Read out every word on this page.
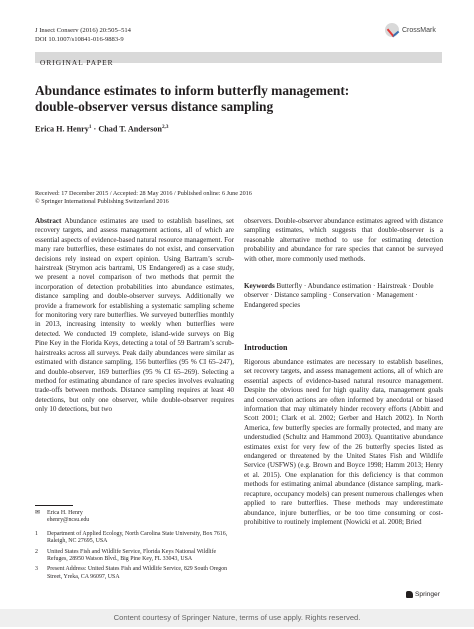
J Insect Conserv (2016) 20:505–514
DOI 10.1007/s10841-016-9883-9
CrossMark
ORIGINAL PAPER
Abundance estimates to inform butterfly management:
double-observer versus distance sampling
Erica H. Henry$^1$ · Chad T. Anderson$^{2,3}$
Received: 17 December 2015 / Accepted: 28 May 2016 / Published online: 6 June 2016
© Springer International Publishing Switzerland 2016

Abstract Abundance estimates are used to establish baselines, set recovery targets, and assess management actions, all of which are essential aspects of evidence-based natural resource management. For many rare butterflies, these estimates do not exist, and conservation decisions rely instead on expert opinion. Using Bartram’s scrub-hairstreak (Strymon acis bartrami, US Endangered) as a case study, we present a novel comparison of two methods that permit the incorporation of detection probabilities into abundance estimates, distance sampling and double-observer surveys. Additionally we provide a framework for establishing a systematic sampling scheme for monitoring very rare butterflies. We surveyed butterflies monthly in 2013, increasing intensity to weekly when butterflies were detected. We conducted 19 complete, island-wide surveys on Big Pine Key in the Florida Keys, detecting a total of 59 Bartram’s scrub-hairstreaks across all surveys. Peak daily abundances were similar as estimated with distance sampling, 156 butterflies (95 % CI 65–247), and double-observer, 169 butterflies (95 % CI 65–269). Selecting a method for estimating abundance of rare species involves evaluating trade-offs between methods. Distance sampling requires at least 40 detections, but only one observer, while double-observer requires only 10 detections, but two

✉	Erica H. Henry
ehenry@ncsu.edu
1	Department of Applied Ecology, North Carolina State University, Box 7616, Raleigh, NC 27695, USA
2	United States Fish and Wildlife Service, Florida Keys National Wildlife Refuges, 28950 Watson Blvd., Big Pine Key, FL 33043, USA
3	Present Address: United States Fish and Wildlife Service, 829 South Oregon Street, Yreka, CA 96097, USA

observers. Double-observer abundance estimates agreed with distance sampling estimates, which suggests that double-observer is a reasonable alternative method to use for estimating detection probability and abundance for rare species that cannot be surveyed with other, more commonly used methods.

Keywords Butterfly · Abundance estimation · Hairstreak · Double observer · Distance sampling · Conservation · Management · Endangered species
Introduction

Rigorous abundance estimates are necessary to establish baselines, set recovery targets, and assess management actions, all of which are essential aspects of evidence-based natural resource management. Despite the obvious need for high quality data, management goals and conservation actions are often informed by anecdotal or biased information that may ultimately hinder recovery efforts (Abbitt and Scott 2001; Clark et al. 2002; Gerber and Hatch 2002). In North America, few butterfly species are formally protected, and many are understudied (Schultz and Hammond 2003). Quantitative abundance estimates exist for very few of the 26 butterfly species listed as endangered or threatened by the United States Fish and Wildlife Service (USFWS) (e.g. Brown and Boyce 1998; Hamm 2013; Henry et al. 2015). One explanation for this deficiency is that common methods for estimating animal abundance (distance sampling, mark-recapture, occupancy models) can present numerous challenges when applied to rare butterflies. These methods may underestimate abundance, injure butterflies, or be too time consuming or cost-prohibitive to routinely implement (Nowicki et al. 2008; Bried

Springer
Content courtesy of Springer Nature, terms of use apply. Rights reserved.
